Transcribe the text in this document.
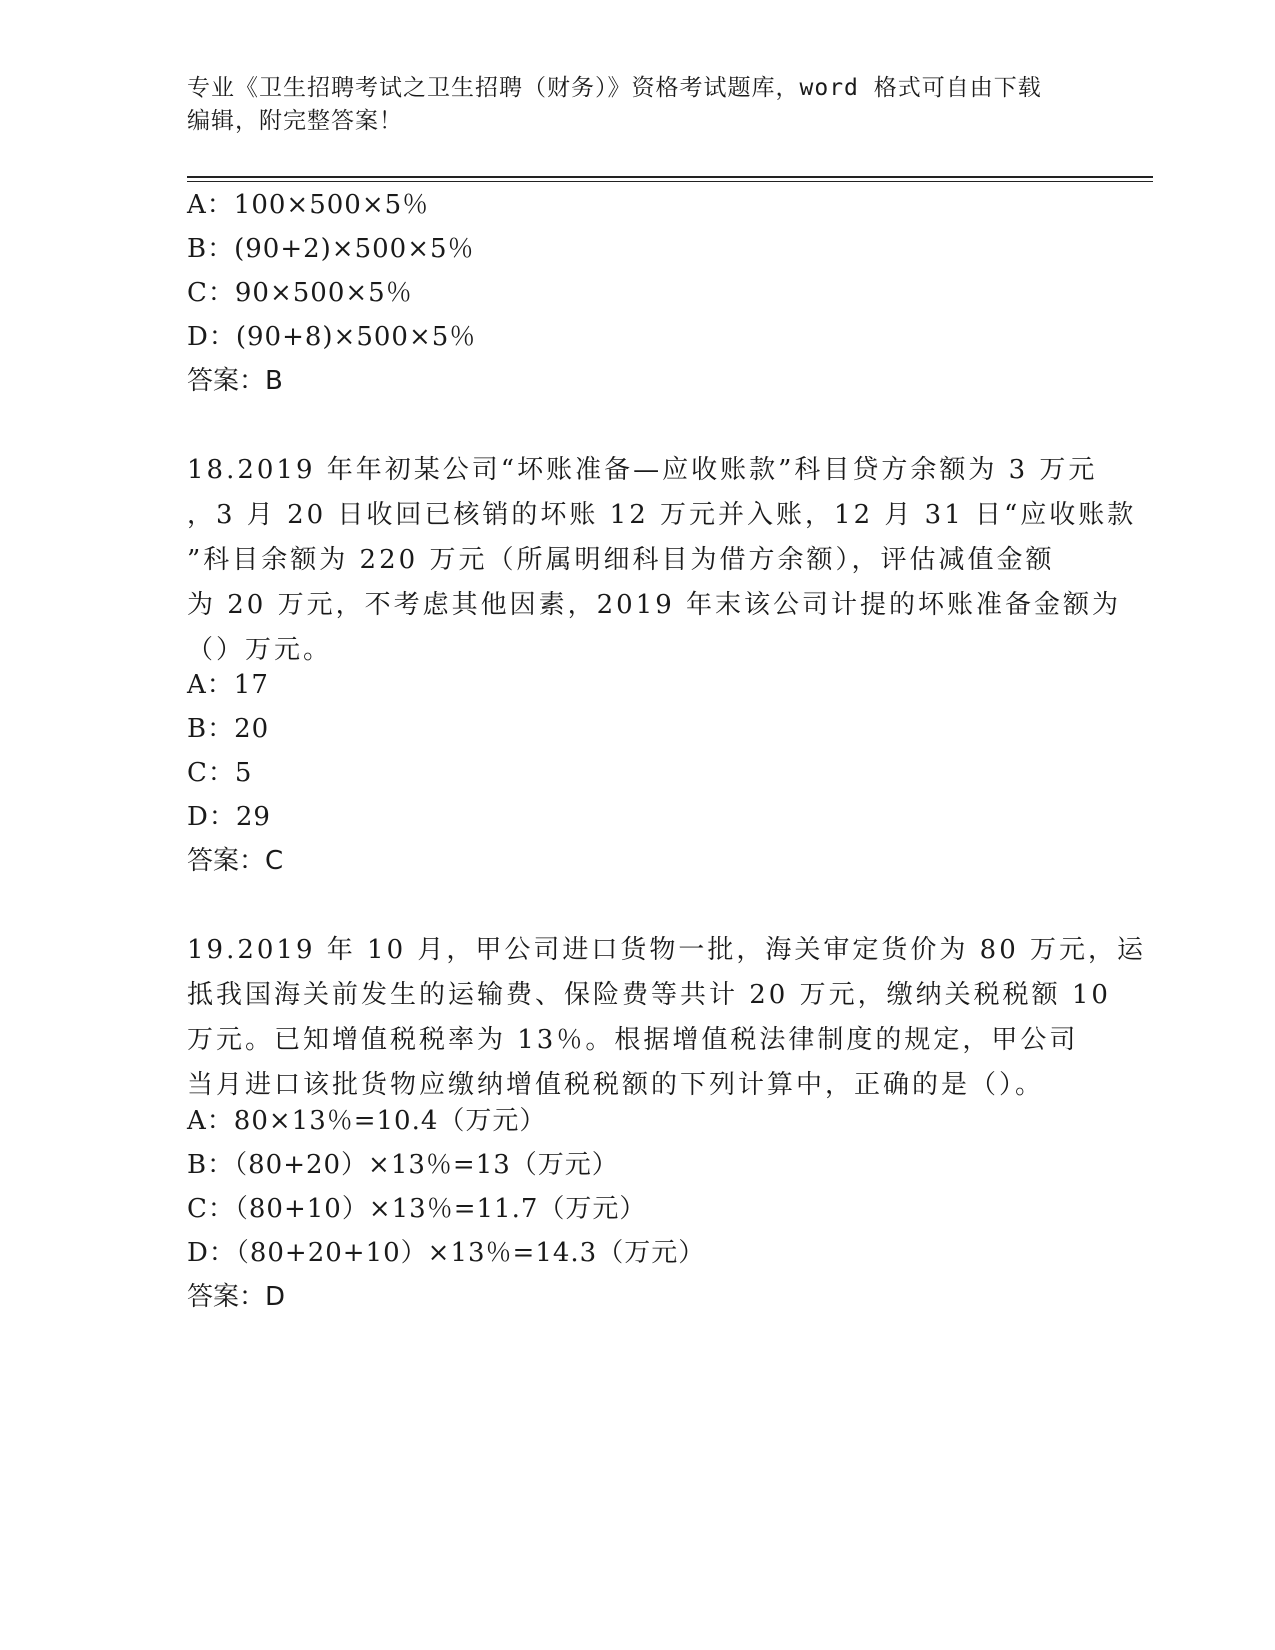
专业《卫生招聘考试之卫生招聘（财务）》资格考试题库，word 格式可自由下载
编辑，附完整答案！
A：100×500×5％
B：(90+2)×500×5％
C：90×500×5％
D：(90+8)×500×5％
答案：B
18.2019 年年初某公司“坏账准备—应收账款”科目贷方余额为 3 万元
，3 月 20 日收回已核销的坏账 12 万元并入账，12 月 31 日“应收账款
”科目余额为 220 万元（所属明细科目为借方余额），评估减值金额
为 20 万元，不考虑其他因素，2019 年末该公司计提的坏账准备金额为
（）万元。
A：17
B：20
C：5
D：29
答案：C
19.2019 年 10 月，甲公司进口货物一批，海关审定货价为 80 万元，运
抵我国海关前发生的运输费、保险费等共计 20 万元，缴纳关税税额 10
万元。已知增值税税率为 13％。根据增值税法律制度的规定，甲公司
当月进口该批货物应缴纳增值税税额的下列计算中，正确的是（）。
A：80×13％=10.4（万元）
B：（80+20）×13％=13（万元）
C：（80+10）×13％=11.7（万元）
D：（80+20+10）×13％=14.3（万元）
答案：D
